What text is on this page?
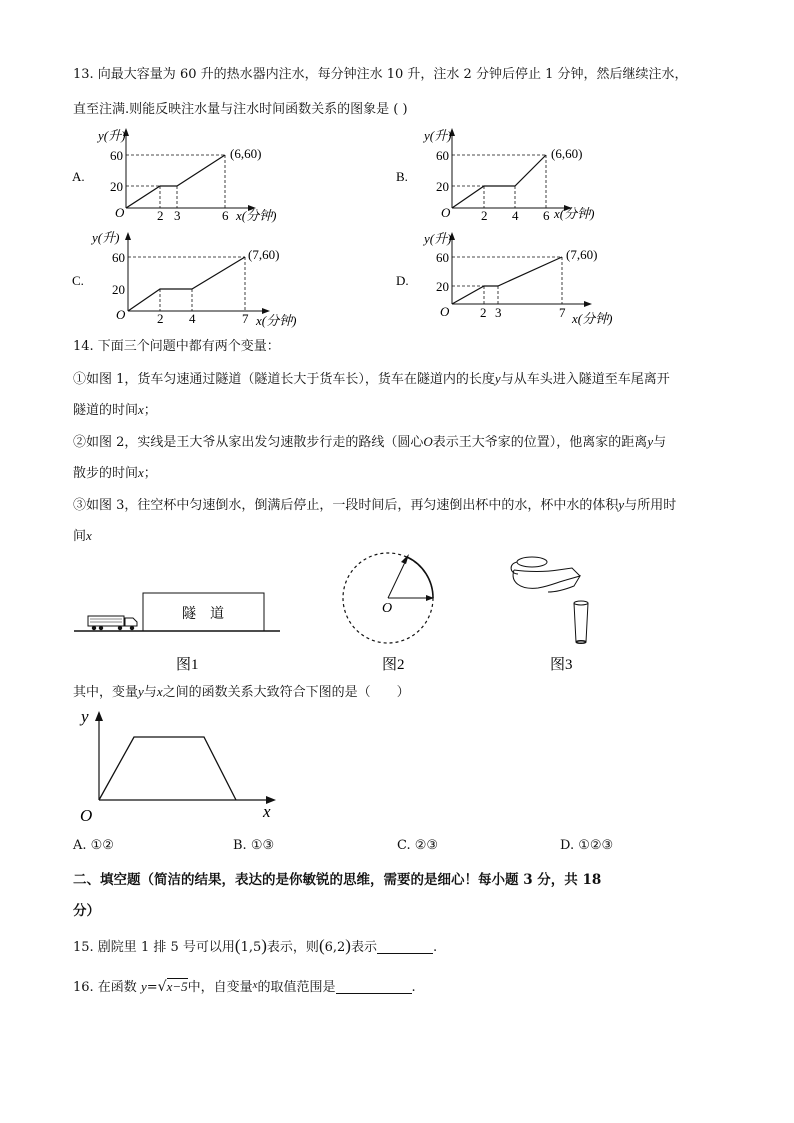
13. 向最大容量为 60 升的热水器内注水，每分钟注水 10 升，注水 2 分钟后停止 1 分钟，然后继续注水，
直至注满.则能反映注水量与注水时间函数关系的图象是 ( )
A.
y(升)
x(分钟)
O
60
20
2 3	6
(6,60)
B.
y(升)
x(分钟)
O
60
20
2 4 6
(6,60)
C.
y(升)
x(分钟)
O
60
20
2 4	7
(7,60)
D.
y(升)
x(分钟)
O
60
20
2 3	7
(7,60)
14. 下面三个问题中都有两个变量：
①如图 1，货车匀速通过隧道（隧道长大于货车长），货车在隧道内的长度y与从车头进入隧道至车尾离开
隧道的时间x；
②如图 2，实线是王大爷从家出发匀速散步行走的路线（圆心O表示王大爷家的位置），他离家的距离y与
散步的时间x；
③如图 3，往空杯中匀速倒水，倒满后停止，一段时间后，再匀速倒出杯中的水，杯中水的体积y与所用时
间x
隧　道
图1
O
图2	图3
其中，变量y与x之间的函数关系大致符合下图的是（　　）
y
x
O
A. ①②	B. ①③	C. ②③	D. ①②③
二、填空题（简洁的结果，表达的是你敏锐的思维，需要的是细心！每小题 3 分，共 18
分）
15. 剧院里 1 排 5 号可以用(1,5)表示，则(6,2)表示	.
16. 在函数 y=√x−5中，自变量$^x$的取值范围是	.
